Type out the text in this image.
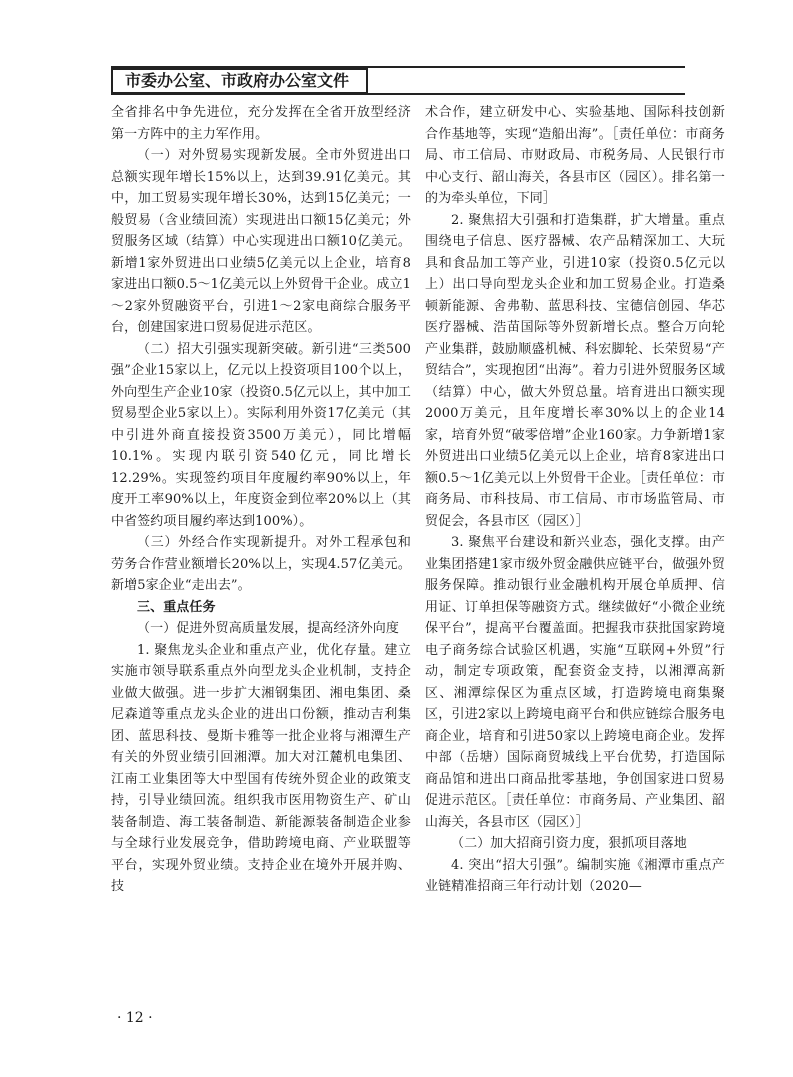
市委办公室、市政府办公室文件

全省排名中争先进位，充分发挥在全省开放型经济第一方阵中的主力军作用。

（一）对外贸易实现新发展。全市外贸进出口总额实现年增长15%以上，达到39.91亿美元。其中，加工贸易实现年增长30%，达到15亿美元；一般贸易（含业绩回流）实现进出口额15亿美元；外贸服务区域（结算）中心实现进出口额10亿美元。新增1家外贸进出口业绩5亿美元以上企业，培育8家进出口额0.5～1亿美元以上外贸骨干企业。成立1～2家外贸融资平台，引进1～2家电商综合服务平台，创建国家进口贸易促进示范区。

（二）招大引强实现新突破。新引进“三类500强”企业15家以上，亿元以上投资项目100个以上，外向型生产企业10家（投资0.5亿元以上，其中加工贸易型企业5家以上）。实际利用外资17亿美元（其中引进外商直接投资3500万美元），同比增幅10.1%。实现内联引资540亿元，同比增长12.29%。实现签约项目年度履约率90%以上，年度开工率90%以上，年度资金到位率20%以上（其中省签约项目履约率达到100%）。

（三）外经合作实现新提升。对外工程承包和劳务合作营业额增长20%以上，实现4.57亿美元。新增5家企业“走出去”。

三、重点任务

（一）促进外贸高质量发展，提高经济外向度

1. 聚焦龙头企业和重点产业，优化存量。建立实施市领导联系重点外向型龙头企业机制，支持企业做大做强。进一步扩大湘钢集团、湘电集团、桑尼森道等重点龙头企业的进出口份额，推动吉利集团、蓝思科技、曼斯卡雅等一批企业将与湘潭生产有关的外贸业绩引回湘潭。加大对江麓机电集团、江南工业集团等大中型国有传统外贸企业的政策支持，引导业绩回流。组织我市医用物资生产、矿山装备制造、海工装备制造、新能源装备制造企业参与全球行业发展竞争，借助跨境电商、产业联盟等平台，实现外贸业绩。支持企业在境外开展并购、技

术合作，建立研发中心、实验基地、国际科技创新合作基地等，实现“造船出海”。［责任单位：市商务局、市工信局、市财政局、市税务局、人民银行市中心支行、韶山海关，各县市区（园区）。排名第一的为牵头单位，下同］

2. 聚焦招大引强和打造集群，扩大增量。重点围绕电子信息、医疗器械、农产品精深加工、大玩具和食品加工等产业，引进10家（投资0.5亿元以上）出口导向型龙头企业和加工贸易企业。打造桑顿新能源、舍弗勒、蓝思科技、宝德信创园、华芯医疗器械、浩苗国际等外贸新增长点。整合万向轮产业集群，鼓励顺盛机械、科宏脚轮、长荣贸易“产贸结合”，实现抱团“出海”。着力引进外贸服务区域（结算）中心，做大外贸总量。培育进出口额实现2000万美元，且年度增长率30%以上的企业14家，培育外贸“破零倍增”企业160家。力争新增1家外贸进出口业绩5亿美元以上企业，培育8家进出口额0.5～1亿美元以上外贸骨干企业。［责任单位：市商务局、市科技局、市工信局、市市场监管局、市贸促会，各县市区（园区）］

3. 聚焦平台建设和新兴业态，强化支撑。由产业集团搭建1家市级外贸金融供应链平台，做强外贸服务保障。推动银行业金融机构开展仓单质押、信用证、订单担保等融资方式。继续做好“小微企业统保平台”，提高平台覆盖面。把握我市获批国家跨境电子商务综合试验区机遇，实施“互联网+外贸”行动，制定专项政策，配套资金支持，以湘潭高新区、湘潭综保区为重点区域，打造跨境电商集聚区，引进2家以上跨境电商平台和供应链综合服务电商企业，培育和引进50家以上跨境电商企业。发挥中部（岳塘）国际商贸城线上平台优势，打造国际商品馆和进出口商品批零基地，争创国家进口贸易促进示范区。［责任单位：市商务局、产业集团、韶山海关，各县市区（园区）］

（二）加大招商引资力度，狠抓项目落地

4. 突出“招大引强”。编制实施《湘潭市重点产业链精准招商三年行动计划（2020—

· 12 ·
